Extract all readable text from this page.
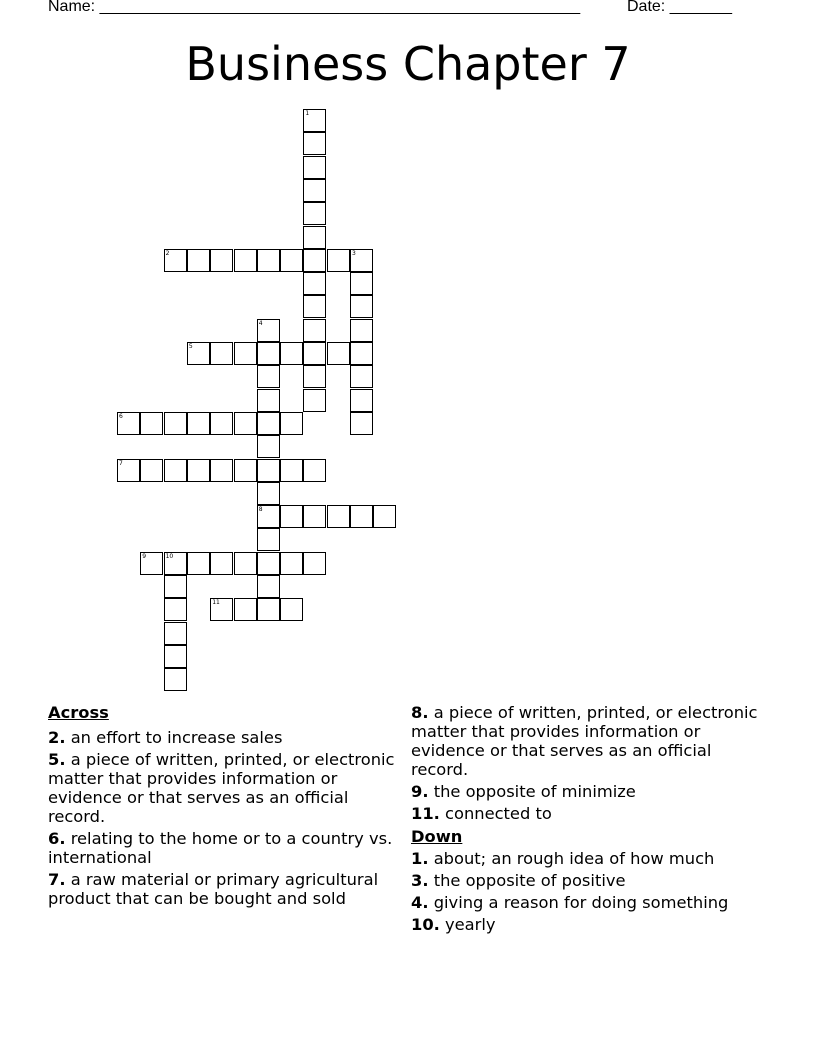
Name: ______________________________________________________	Date: _______
Business Chapter 7
1
2	3
4
8
5
6
7
9	10
11
Across
2. an effort to increase sales
5. a piece of written, printed, or electronic matter that provides information or evidence or that serves as an official record.
6. relating to the home or to a country vs. international
7. a raw material or primary agricultural product that can be bought and sold
8. a piece of written, printed, or electronic matter that provides information or evidence or that serves as an official record.
9. the opposite of minimize
11. connected to
Down
1. about; an rough idea of how much
3. the opposite of positive
4. giving a reason for doing something
10. yearly
